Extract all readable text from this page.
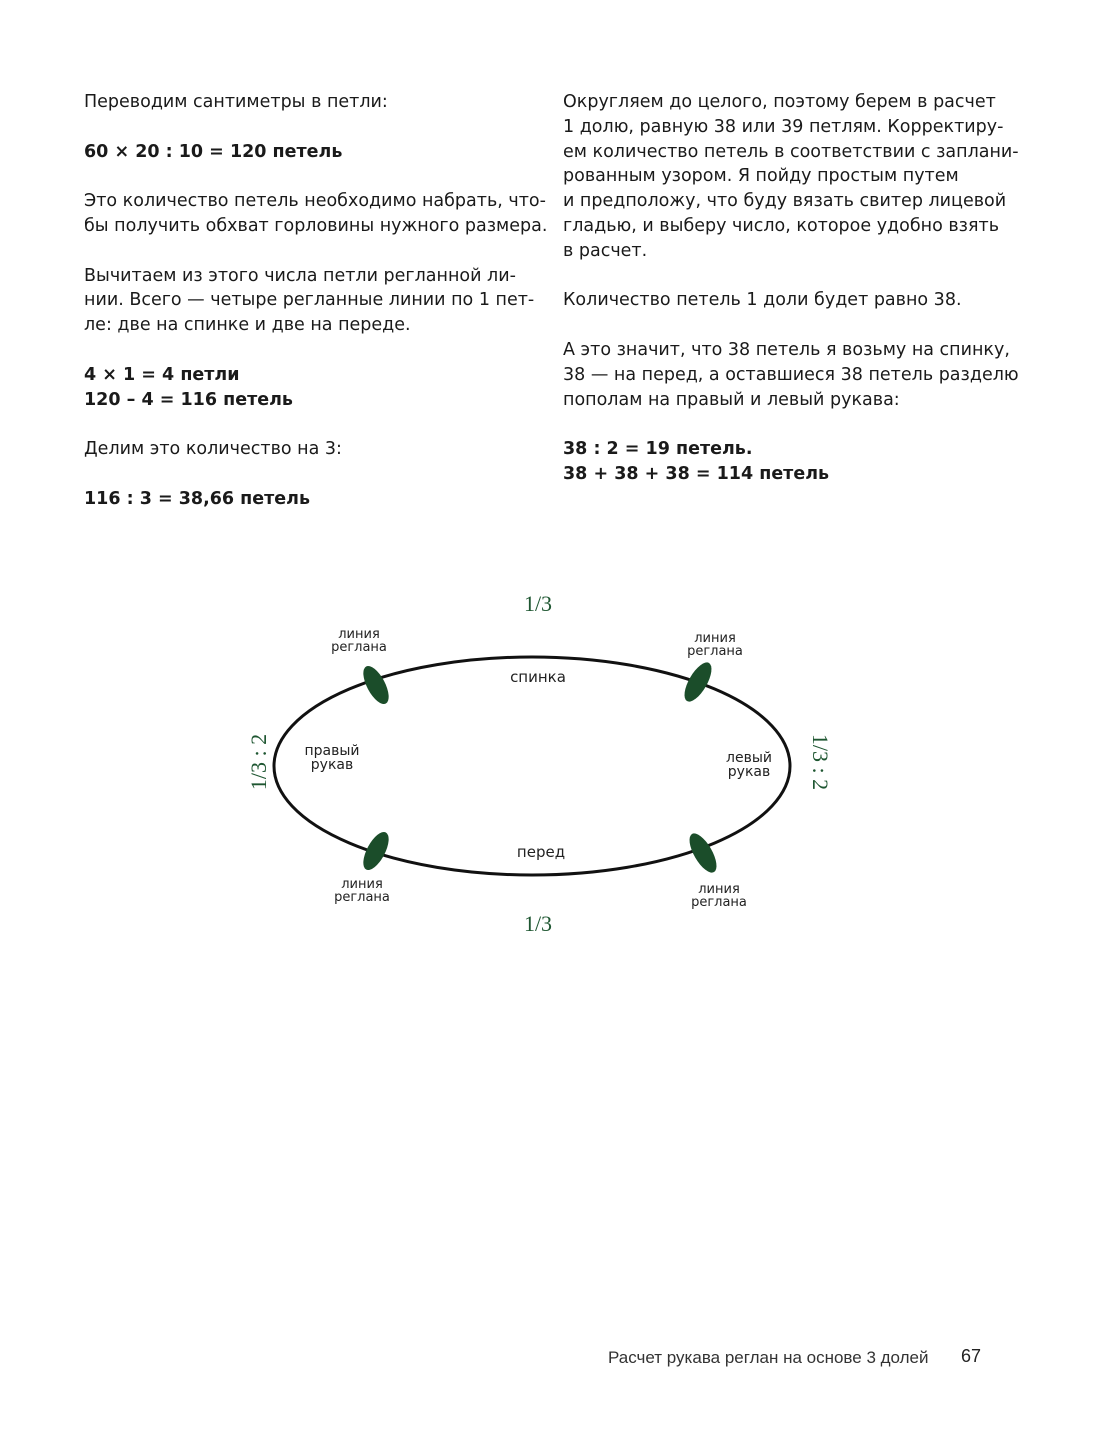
Переводим сантиметры в петли:

60 × 20 : 10 = 120 петель

Это количество петель необходимо набрать, что-
бы получить обхват горловины нужного размера.

Вычитаем из этого числа петли регланной ли-
нии. Всего — четыре регланные линии по 1 пет-
ле: две на спинке и две на переде.

4 × 1 = 4 петли
120 – 4 = 116 петель

Делим это количество на 3:

116 : 3 = 38,66 петель

Округляем до целого, поэтому берем в расчет
1 долю, равную 38 или 39 петлям. Корректиру-
ем количество петель в соответствии с заплани-
рованным узором. Я пойду простым путем
и предположу, что буду вязать свитер лицевой
гладью, и выберу число, которое удобно взять
в расчет.

Количество петель 1 доли будет равно 38.

А это значит, что 38 петель я возьму на спинку,
38 — на перед, а оставшиеся 38 петель разделю
пополам на правый и левый рукава:

38 : 2 = 19 петель.
38 + 38 + 38 = 114 петель

1/3
1/3
1/3 : 2	1/3 : 2
спинка
перед
правый
рукав	левый
рукав
линия
реглана
линия
реглана
линия
реглана
линия
реглана
Расчет рукава реглан на основе 3 долей 67
